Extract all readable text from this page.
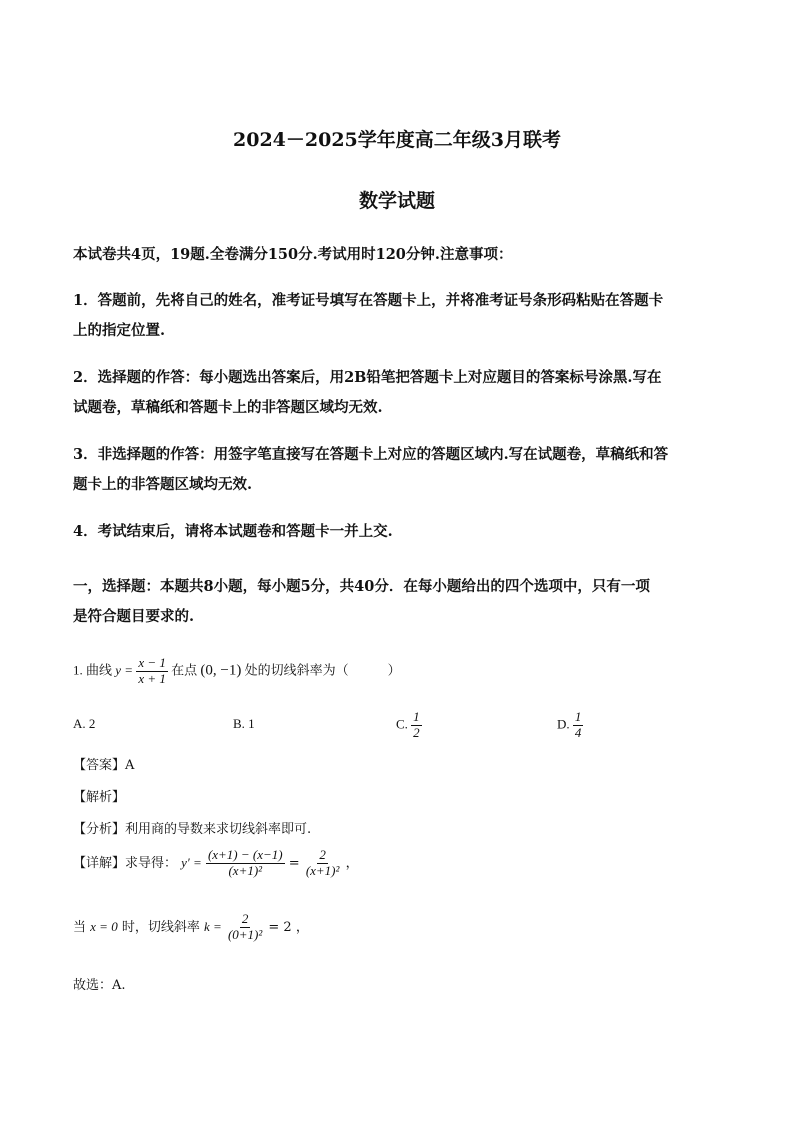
2024－2025学年度高二年级3月联考
数学试题
本试卷共4页，19题.全卷满分150分.考试用时120分钟.注意事项：
1．答题前，先将自己的姓名，准考证号填写在答题卡上，并将准考证号条形码粘贴在答题卡
上的指定位置.
2．选择题的作答：每小题选出答案后，用2B铅笔把答题卡上对应题目的答案标号涂黑.写在
试题卷，草稿纸和答题卡上的非答题区域均无效.
3．非选择题的作答：用签字笔直接写在答题卡上对应的答题区域内.写在试题卷，草稿纸和答
题卡上的非答题区域均无效.
4．考试结束后，请将本试题卷和答题卡一并上交.
一，选择题：本题共8小题，每小题5分，共40分．在每小题给出的四个选项中，只有一项
是符合题目要求的.
1. 曲线 $y = \frac{x - 1}{x + 1}$ 在点 (0, −1) 处的切线斜率为（　　　）
A. 2	B. 1	C. $\frac{1}{2}$	D. $\frac{1}{4}$
【答案】A
【解析】
【分析】利用商的导数来求切线斜率即可.
【详解】求导得： $y' = \frac{(x+1) - (x-1)}{\text{(x+1)²}} = \frac{2}{\text{(x+1)²}}$ ，
当 x = 0 时，切线斜率 $k = \frac{2}{\text{(0+1)²}} = 2$ ，
故选：A.
